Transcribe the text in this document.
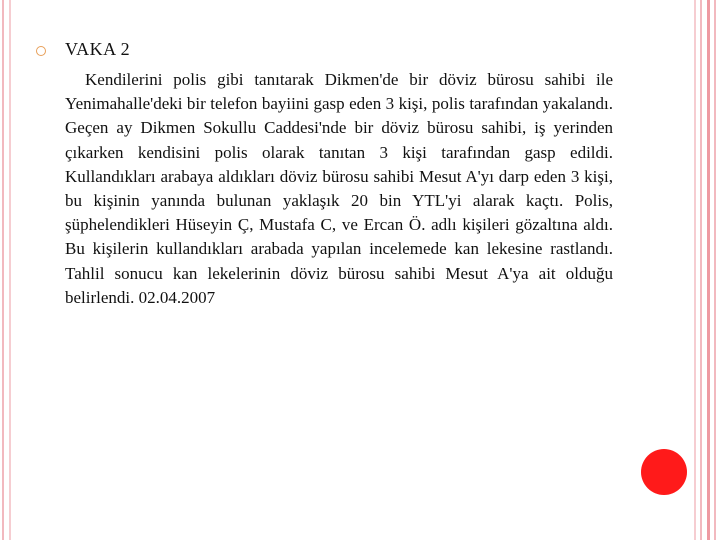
VAKA 2

Kendilerini polis gibi tanıtarak Dikmen'de bir döviz bürosu sahibi ile Yenimahalle'deki bir telefon bayiini gasp eden 3 kişi, polis tarafından yakalandı. Geçen ay Dikmen Sokullu Caddesi'nde bir döviz bürosu sahibi, iş yerinden çıkarken kendisini polis olarak tanıtan 3 kişi tarafından gasp edildi. Kullandıkları arabaya aldıkları döviz bürosu sahibi Mesut A'yı darp eden 3 kişi, bu kişinin yanında bulunan yaklaşık 20 bin YTL'yi alarak kaçtı. Polis, şüphelendikleri Hüseyin Ç, Mustafa C, ve Ercan Ö. adlı kişileri gözaltına aldı. Bu kişilerin kullandıkları arabada yapılan incelemede kan lekesine rastlandı. Tahlil sonucu kan lekelerinin döviz bürosu sahibi Mesut A'ya ait olduğu belirlendi. 02.04.2007
